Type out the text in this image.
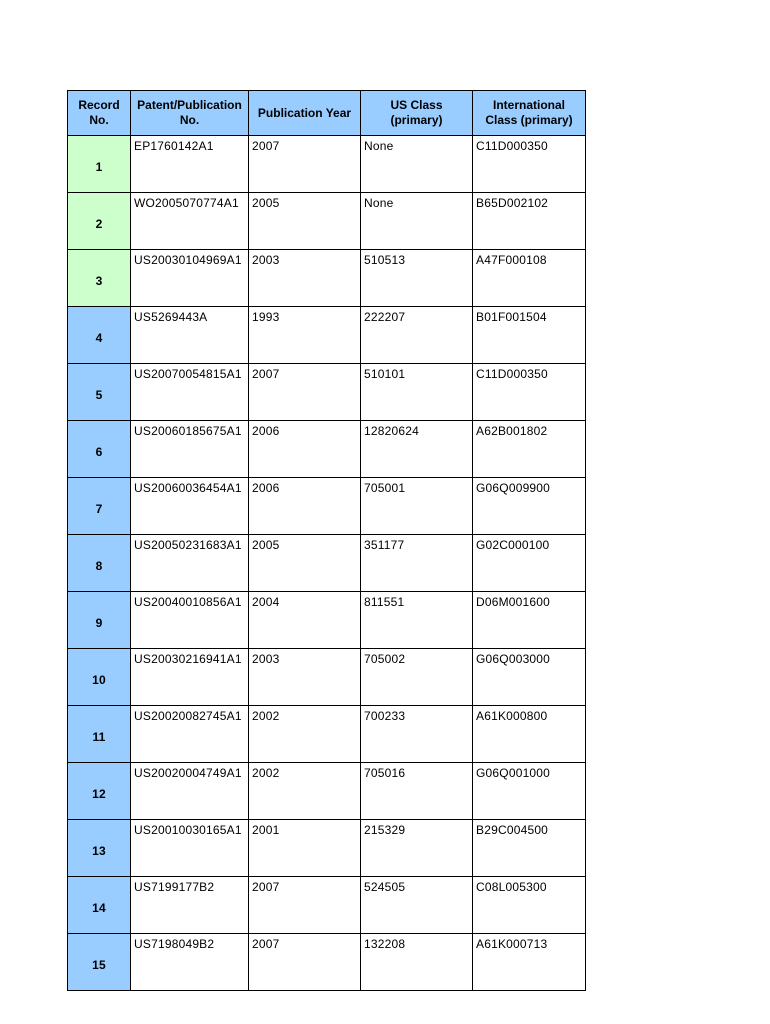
Record No.	Patent/Publication No.	Publication Year	US Class (primary)	International Class (primary)
1	EP1760142A1	2007	None	C11D000350
2	WO2005070774A1	2005	None	B65D002102
3	US20030104969A1	2003	510513	A47F000108
4	US5269443A	1993	222207	B01F001504
5	US20070054815A1	2007	510101	C11D000350
6	US20060185675A1	2006	12820624	A62B001802
7	US20060036454A1	2006	705001	G06Q009900
8	US20050231683A1	2005	351177	G02C000100
9	US20040010856A1	2004	811551	D06M001600
10	US20030216941A1	2003	705002	G06Q003000
11	US20020082745A1	2002	700233	A61K000800
12	US20020004749A1	2002	705016	G06Q001000
13	US20010030165A1	2001	215329	B29C004500
14	US7199177B2	2007	524505	C08L005300
15	US7198049B2	2007	132208	A61K000713
